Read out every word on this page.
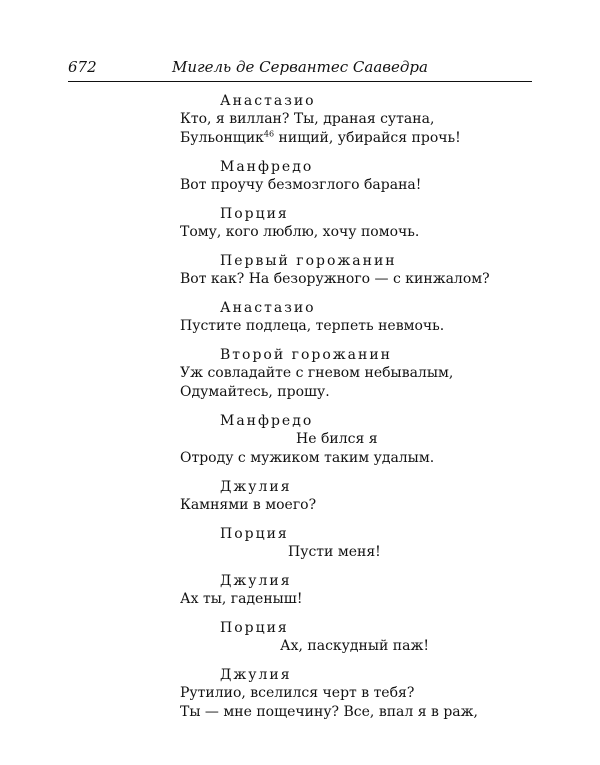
672	Мигель де Сервантес Сааведра
Анастазио
Кто, я виллан? Ты, драная сутана,
Бульонщик$^{46}$ нищий, убирайся прочь!
Манфредо
Вот проучу безмозглого барана!
Порция
Тому, кого люблю, хочу помочь.
Первый горожанин
Вот как? На безоружного — с кинжалом?
Анастазио
Пустите подлеца, терпеть невмочь.
Второй горожанин
Уж совладайте с гневом небывалым,
Одумайтесь, прошу.
Манфредо
Не бился я
Отроду с мужиком таким удалым.
Джулия
Камнями в моего?
Порция
Пусти меня!
Джулия
Ах ты, гаденыш!
Порция
Ах, паскудный паж!
Джулия
Рутилио, вселился черт в тебя?
Ты — мне пощечину? Все, впал я в раж,
